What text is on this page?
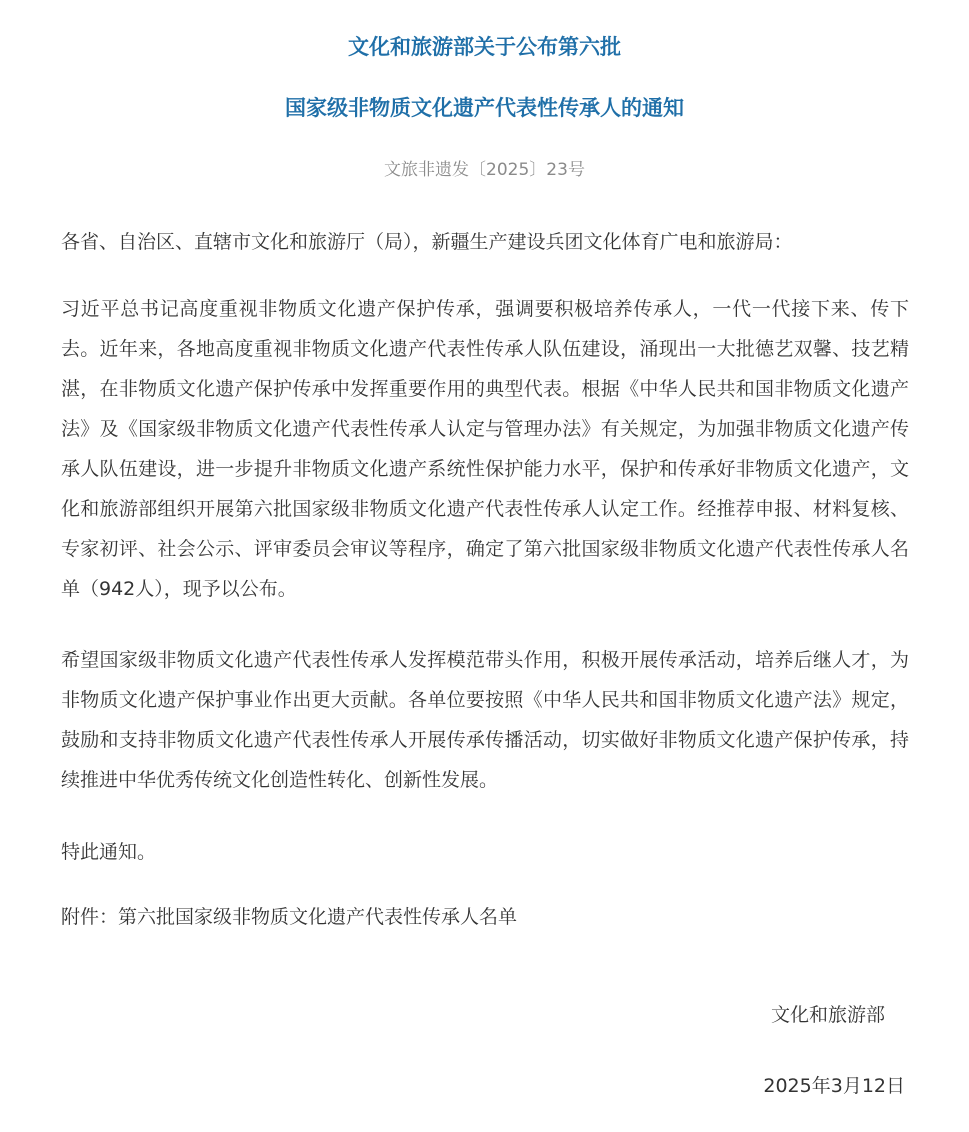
文化和旅游部关于公布第六批
国家级非物质文化遗产代表性传承人的通知
文旅非遗发〔2025〕23号

各省、自治区、直辖市文化和旅游厅（局），新疆生产建设兵团文化体育广电和旅游局：

习近平总书记高度重视非物质文化遗产保护传承，强调要积极培养传承人，一代一代接下来、传下去。近年来，各地高度重视非物质文化遗产代表性传承人队伍建设，涌现出一大批德艺双馨、技艺精湛，在非物质文化遗产保护传承中发挥重要作用的典型代表。根据《中华人民共和国非物质文化遗产法》及《国家级非物质文化遗产代表性传承人认定与管理办法》有关规定，为加强非物质文化遗产传承人队伍建设，进一步提升非物质文化遗产系统性保护能力水平，保护和传承好非物质文化遗产，文化和旅游部组织开展第六批国家级非物质文化遗产代表性传承人认定工作。经推荐申报、材料复核、专家初评、社会公示、评审委员会审议等程序，确定了第六批国家级非物质文化遗产代表性传承人名单（942人），现予以公布。

希望国家级非物质文化遗产代表性传承人发挥模范带头作用，积极开展传承活动，培养后继人才，为非物质文化遗产保护事业作出更大贡献。各单位要按照《中华人民共和国非物质文化遗产法》规定，鼓励和支持非物质文化遗产代表性传承人开展传承传播活动，切实做好非物质文化遗产保护传承，持续推进中华优秀传统文化创造性转化、创新性发展。

特此通知。

附件：第六批国家级非物质文化遗产代表性传承人名单

文化和旅游部
2025年3月12日
